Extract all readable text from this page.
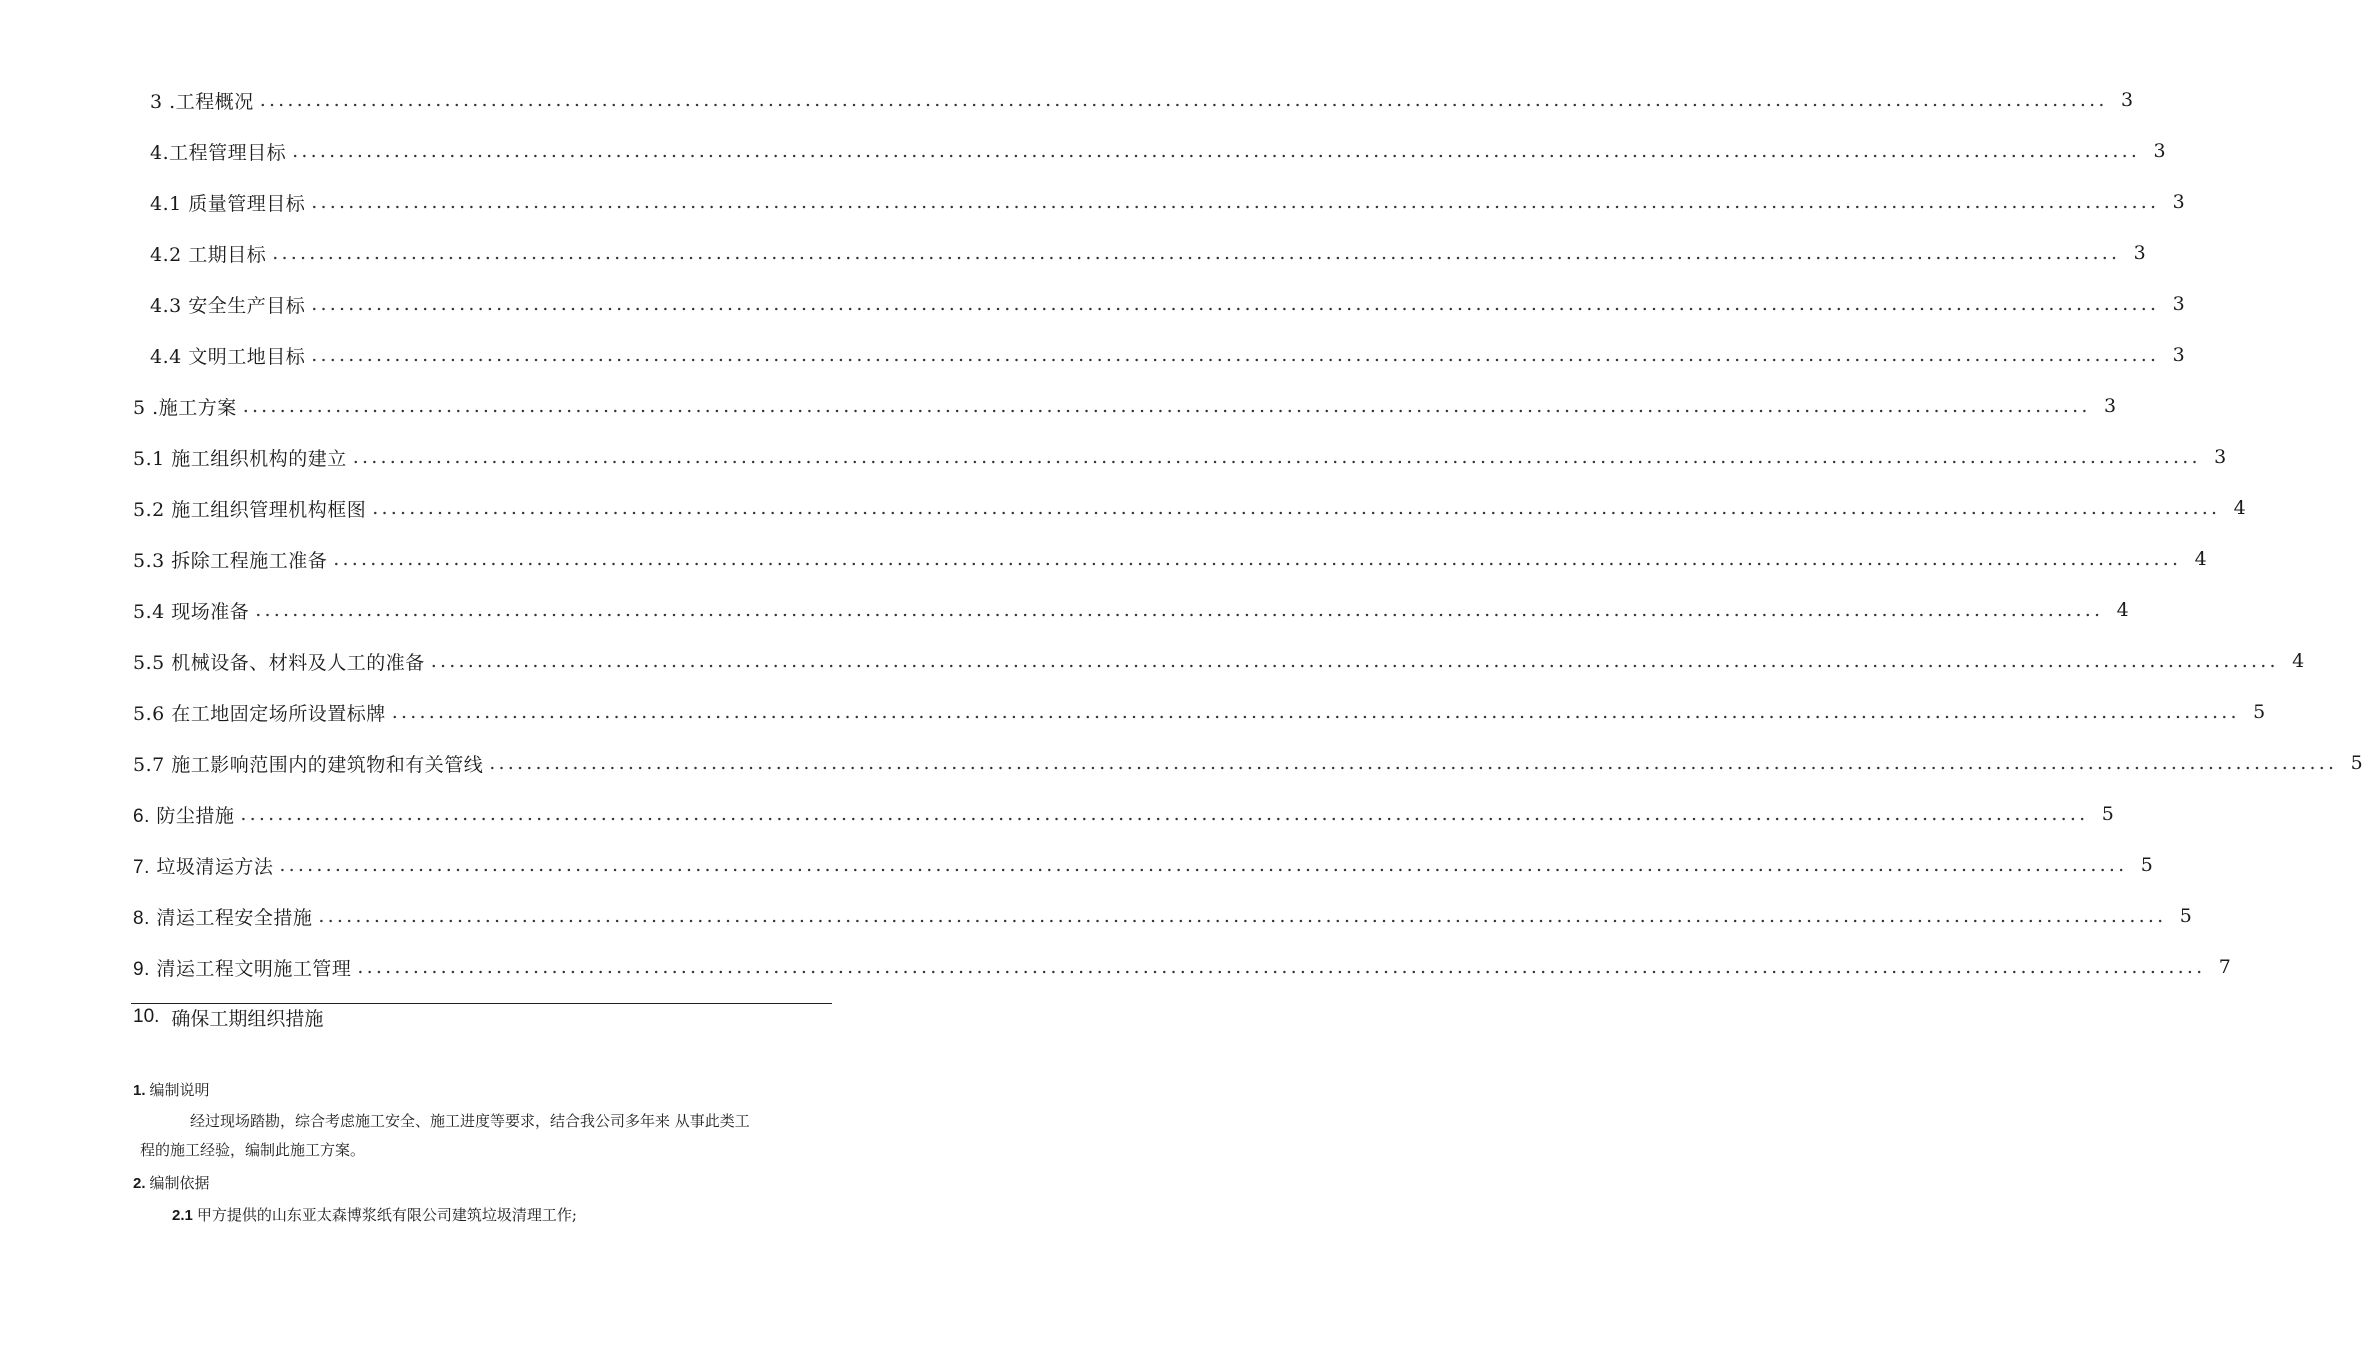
3 .工程概况 ........................................................................................................................................................................................................ 3
4.工程管理目标 ........................................................................................................................................................................................................ 3
4.1 质量管理目标 ........................................................................................................................................................................................................ 3
4.2 工期目标 ........................................................................................................................................................................................................ 3
4.3 安全生产目标 ........................................................................................................................................................................................................ 3
4.4 文明工地目标 ........................................................................................................................................................................................................ 3
5 .施工方案 ........................................................................................................................................................................................................ 3
5.1 施工组织机构的建立 ........................................................................................................................................................................................................ 3
5.2 施工组织管理机构框图 ........................................................................................................................................................................................................ 4
5.3 拆除工程施工准备 ........................................................................................................................................................................................................ 4
5.4 现场准备 ........................................................................................................................................................................................................ 4
5.5 机械设备、材料及人工的准备 ........................................................................................................................................................................................................ 4
5.6 在工地固定场所设置标牌 ........................................................................................................................................................................................................ 5
5.7 施工影响范围内的建筑物和有关管线 ........................................................................................................................................................................................................ 5
6. 防尘措施 ........................................................................................................................................................................................................ 5
7. 垃圾清运方法 ........................................................................................................................................................................................................ 5
8. 清运工程安全措施 ........................................................................................................................................................................................................ 5
9. 清运工程文明施工管理 ........................................................................................................................................................................................................ 7
10. 确保工期组织措施
1. 编制说明
经过现场踏勘，综合考虑施工安全、施工进度等要求，结合我公司多年来 从事此类工
程的施工经验，编制此施工方案。
2. 编制依据
2.1 甲方提供的山东亚太森博浆纸有限公司建筑垃圾清理工作;
